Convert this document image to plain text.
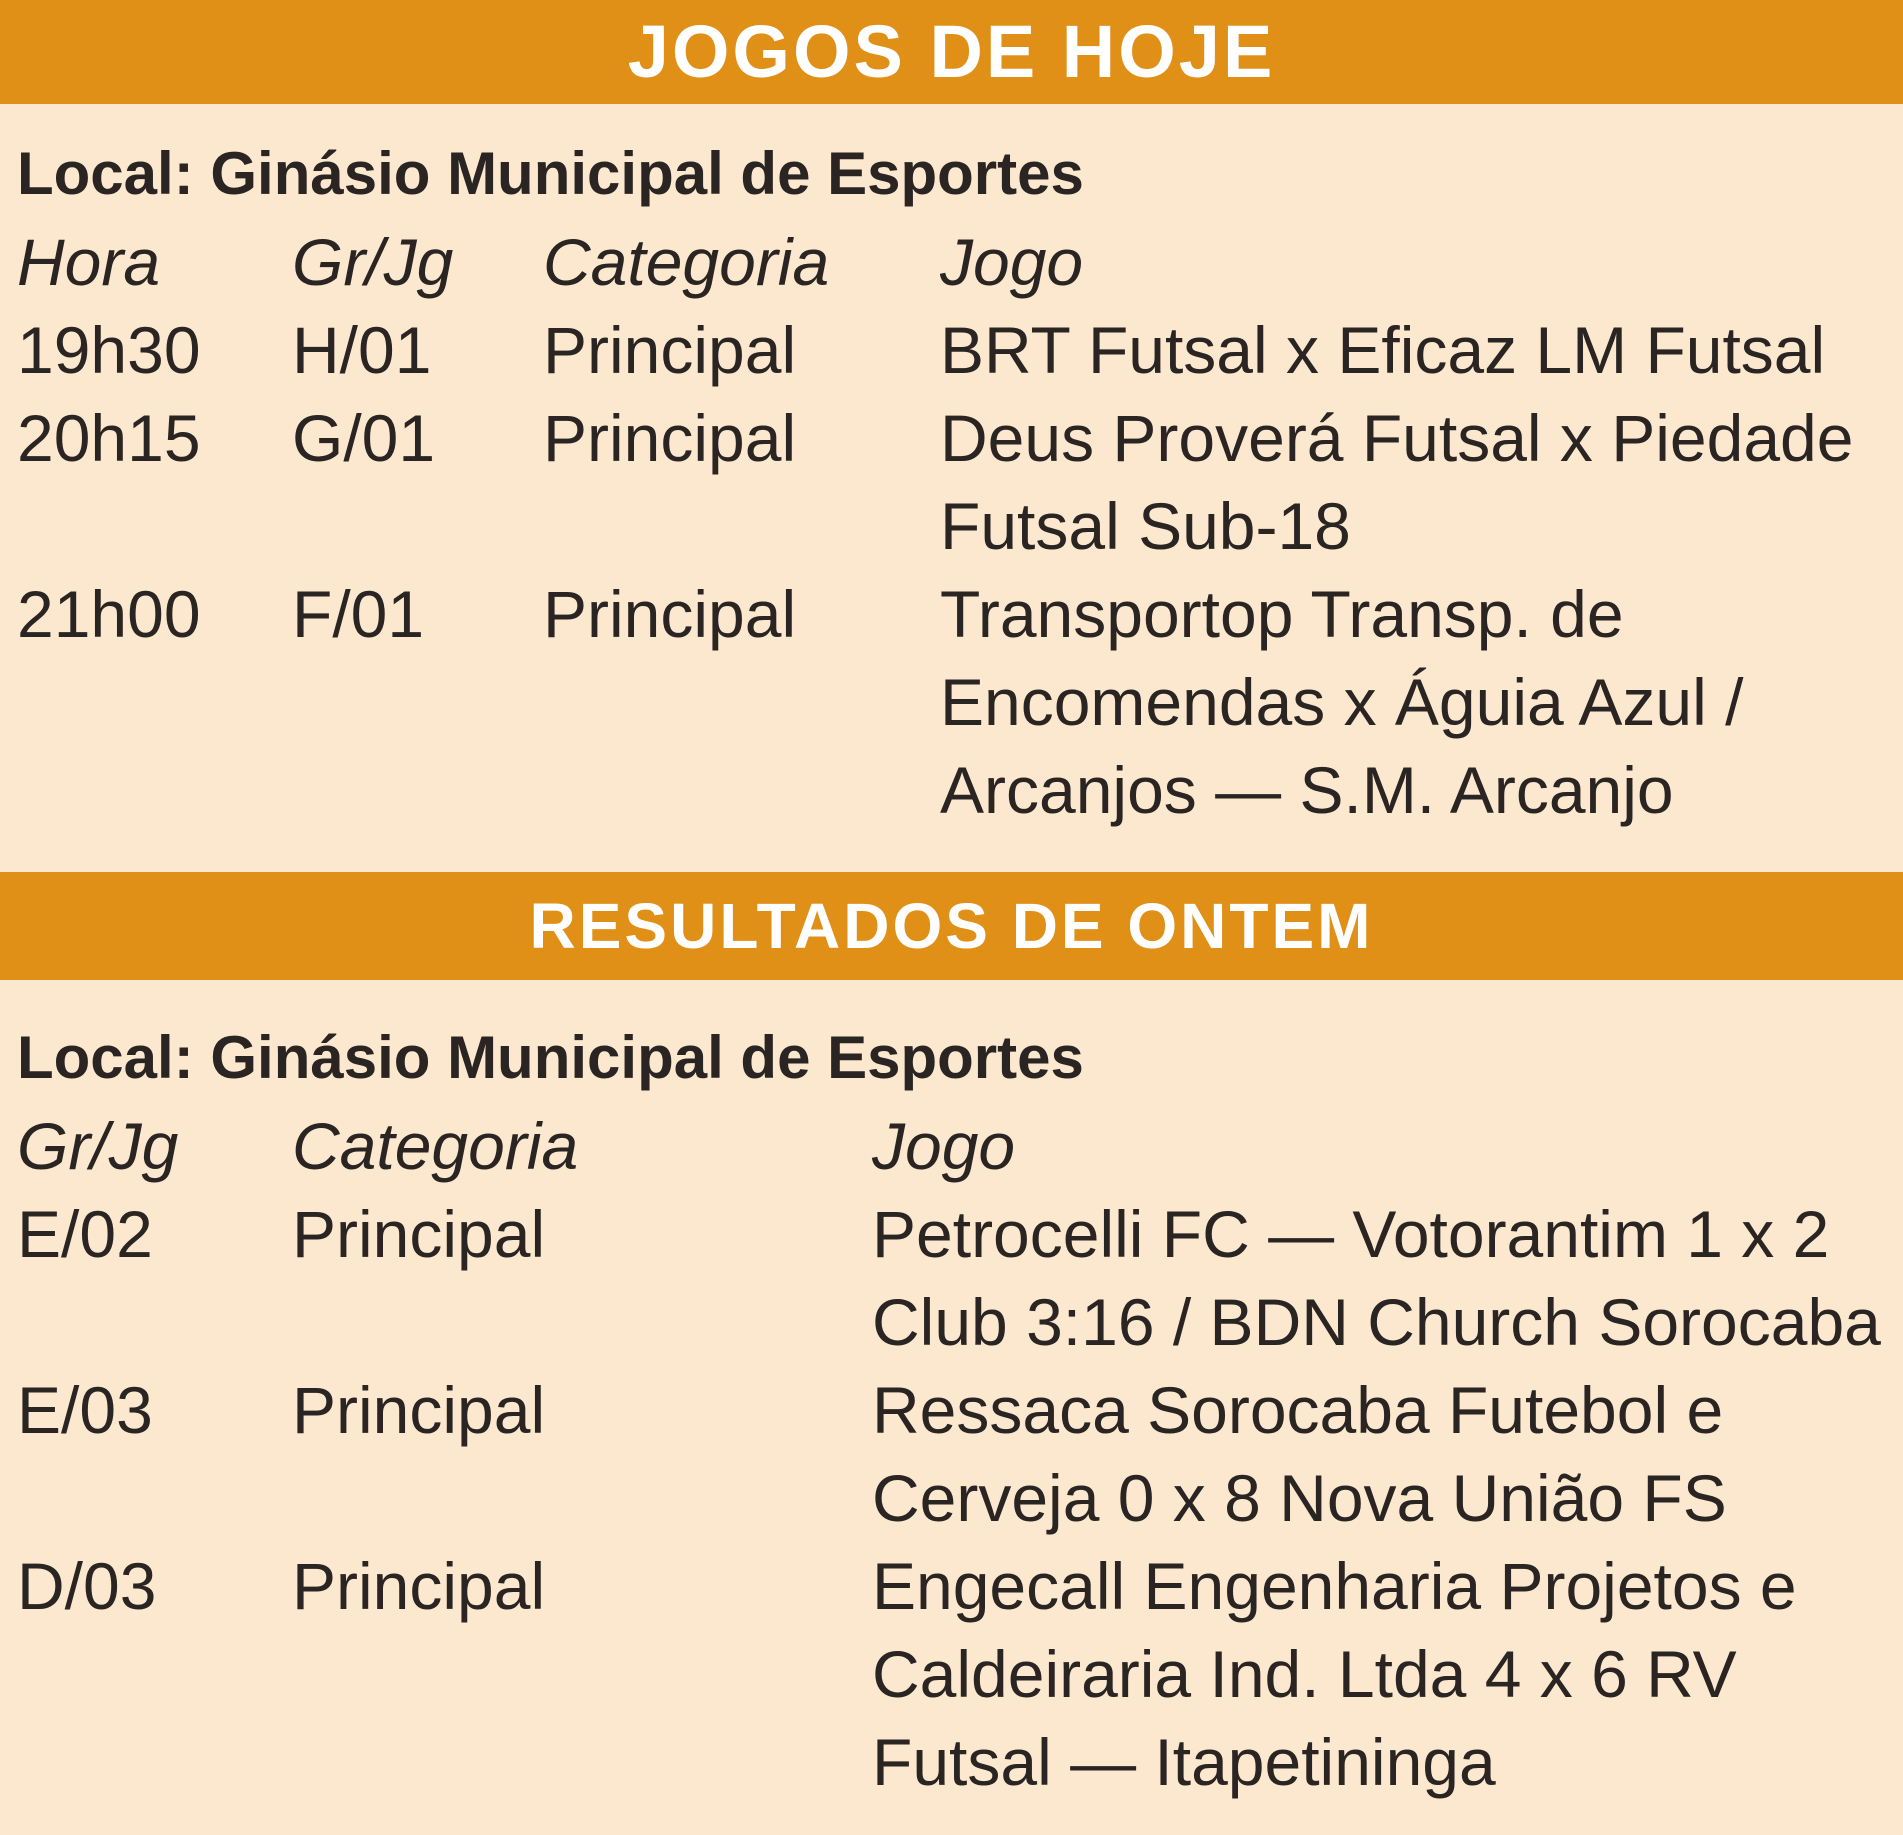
JOGOS DE HOJE
Local: Ginásio Municipal de Esportes
Hora Gr/Jg Categoria Jogo
19h30 H/01 Principal BRT Futsal x Eficaz LM Futsal
20h15 G/01 Principal Deus Proverá Futsal x Piedade
Futsal Sub-18
21h00 F/01 Principal Transportop Transp. de
Encomendas x Águia Azul /
Arcanjos — S.M. Arcanjo
RESULTADOS DE ONTEM
Local: Ginásio Municipal de Esportes
Gr/Jg Categoria	Jogo
E/02 Principal	Petrocelli FC — Votorantim 1 x 2
Club 3:16 / BDN Church Sorocaba
E/03 Principal	Ressaca Sorocaba Futebol e
Cerveja 0 x 8 Nova União FS
D/03 Principal	Engecall Engenharia Projetos e
Caldeiraria Ind. Ltda 4 x 6 RV
Futsal — Itapetininga
